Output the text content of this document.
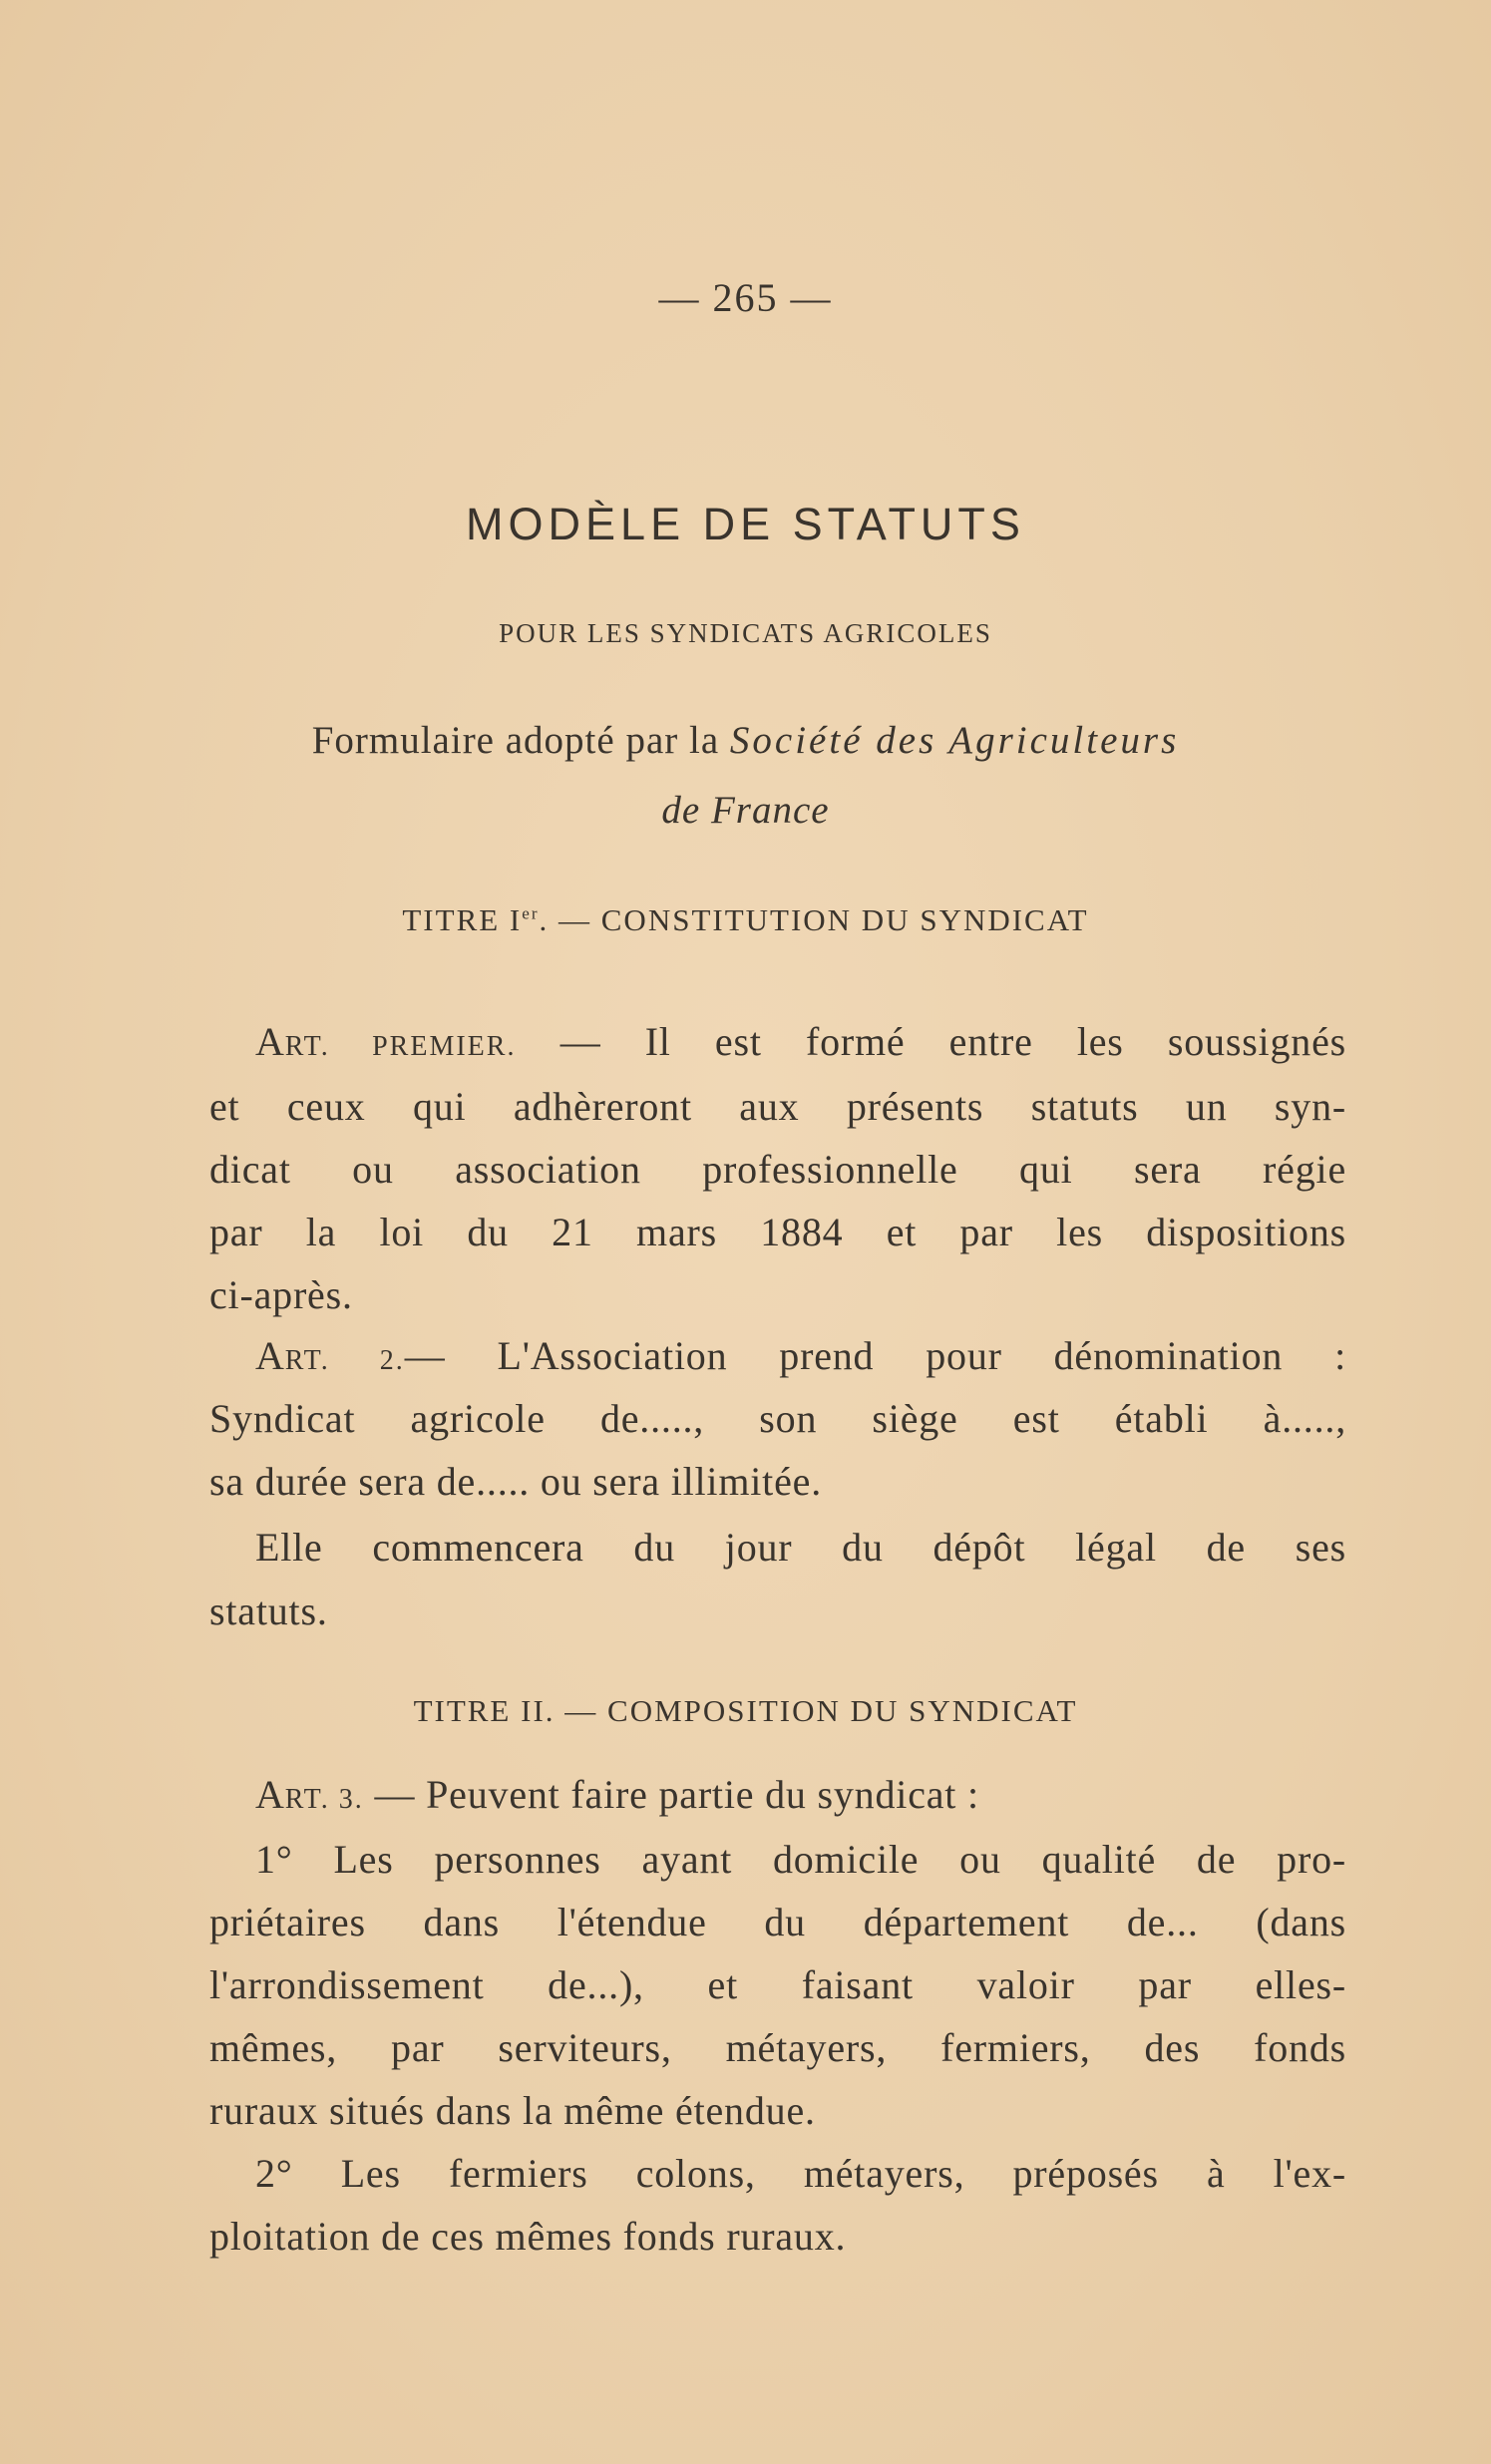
— 265 —
MODÈLE DE STATUTS
POUR LES SYNDICATS AGRICOLES
Formulaire adopté par la Société des Agriculteurs
de France
TITRE Ier. — CONSTITUTION DU SYNDICAT
ART. PREMIER. — Il est formé entre les soussignés
et ceux qui adhèreront aux présents statuts un syn-
dicat ou association professionnelle qui sera régie
par la loi du 21 mars 1884 et par les dispositions
ci-après.
ART. 2.— L'Association prend pour dénomination :
Syndicat agricole de....., son siège est établi à.....,
sa durée sera de..... ou sera illimitée.
Elle commencera du jour du dépôt légal de ses
statuts.
TITRE II. — COMPOSITION DU SYNDICAT
ART. 3. — Peuvent faire partie du syndicat :
1° Les personnes ayant domicile ou qualité de pro-
priétaires dans l'étendue du département de... (dans
l'arrondissement de...), et faisant valoir par elles-
mêmes, par serviteurs, métayers, fermiers, des fonds
ruraux situés dans la même étendue.
2° Les fermiers colons, métayers, préposés à l'ex-
ploitation de ces mêmes fonds ruraux.
